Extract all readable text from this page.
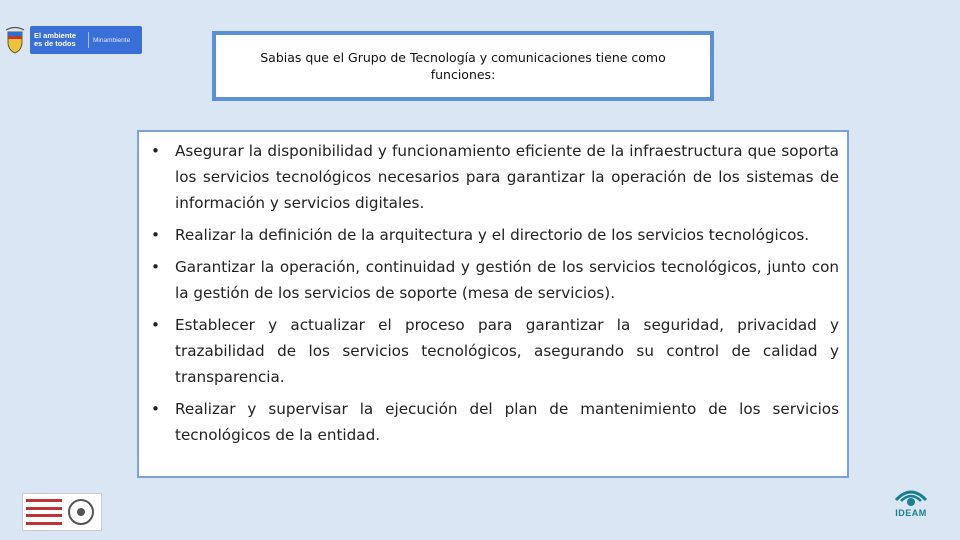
El ambiente es de todos	Minambiente
Sabias que el Grupo de Tecnología y comunicaciones tiene como funciones:
• Asegurar la disponibilidad y funcionamiento eficiente de la infraestructura que soporta los servicios tecnológicos necesarios para garantizar la operación de los sistemas de información y servicios digitales.
• Realizar la definición de la arquitectura y el directorio de los servicios tecnológicos.
• Garantizar la operación, continuidad y gestión de los servicios tecnológicos, junto con la gestión de los servicios de soporte (mesa de servicios).
• Establecer y actualizar el proceso para garantizar la seguridad, privacidad y trazabilidad de los servicios tecnológicos, asegurando su control de calidad y transparencia.
• Realizar y supervisar la ejecución del plan de mantenimiento de los servicios tecnológicos de la entidad.
IDEAM
